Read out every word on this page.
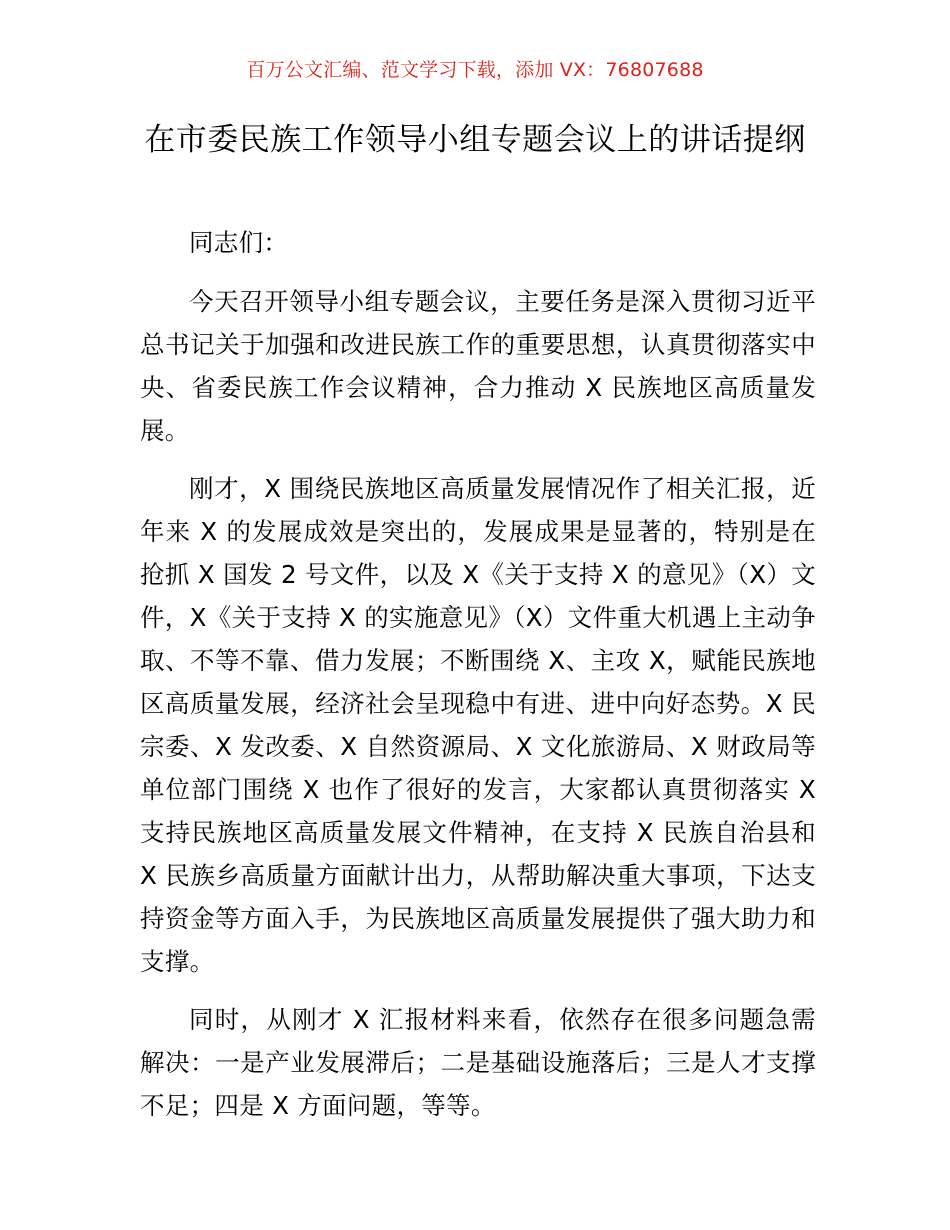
百万公文汇编、范文学习下载，添加 VX：76807688
在市委民族工作领导小组专题会议上的讲话提纲

同志们：

今天召开领导小组专题会议，主要任务是深入贯彻习近平总书记关于加强和改进民族工作的重要思想，认真贯彻落实中央、省委民族工作会议精神，合力推动 X 民族地区高质量发展。

刚才，X 围绕民族地区高质量发展情况作了相关汇报，近年来 X 的发展成效是突出的，发展成果是显著的，特别是在抢抓 X 国发 2 号文件，以及 X《关于支持 X 的意见》（X）文件，X《关于支持 X 的实施意见》（X）文件重大机遇上主动争取、不等不靠、借力发展；不断围绕 X、主攻 X，赋能民族地区高质量发展，经济社会呈现稳中有进、进中向好态势。X 民宗委、X 发改委、X 自然资源局、X 文化旅游局、X 财政局等单位部门围绕 X 也作了很好的发言，大家都认真贯彻落实 X 支持民族地区高质量发展文件精神，在支持 X 民族自治县和 X 民族乡高质量方面献计出力，从帮助解决重大事项，下达支持资金等方面入手，为民族地区高质量发展提供了强大助力和支撑。

同时，从刚才 X 汇报材料来看，依然存在很多问题急需解决：一是产业发展滞后；二是基础设施落后；三是人才支撑不足；四是 X 方面问题，等等。
